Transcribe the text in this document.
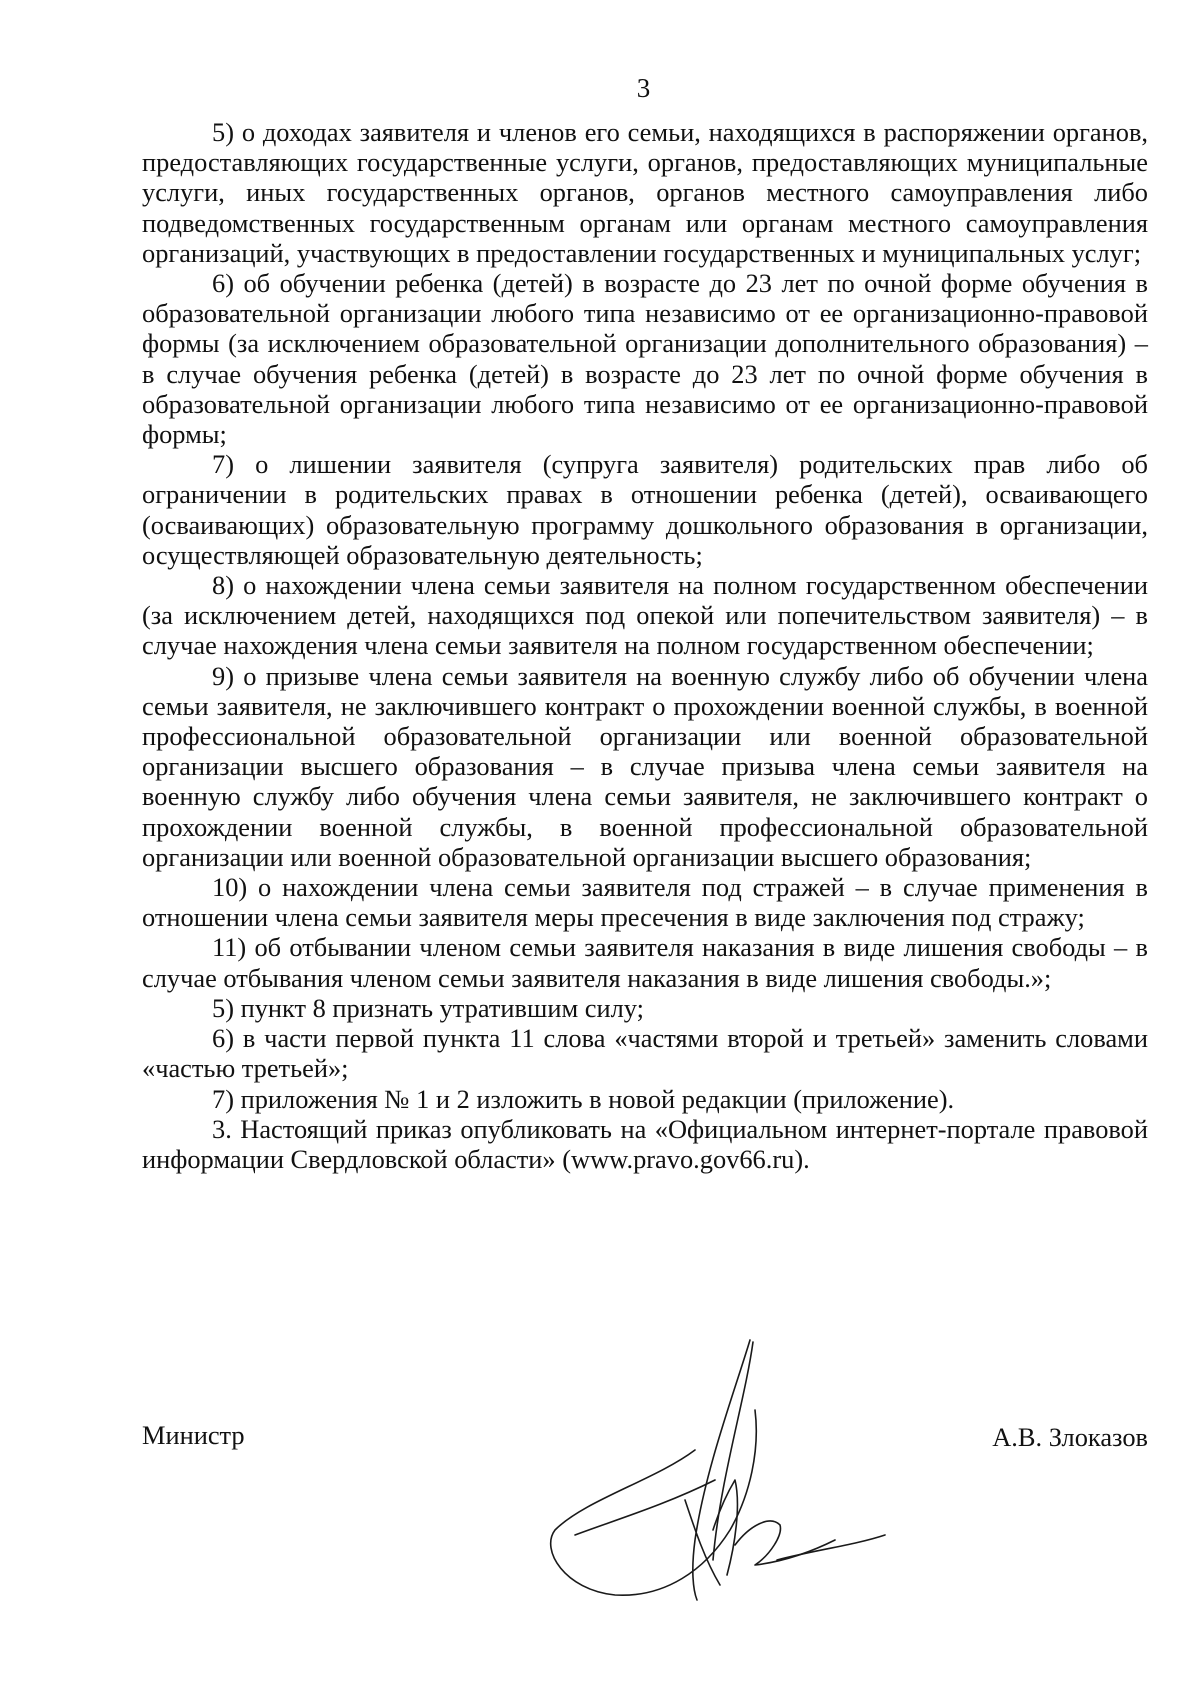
3

5) о доходах заявителя и членов его семьи, находящихся в распоряжении органов, предоставляющих государственные услуги, органов, предоставляющих муниципальные услуги, иных государственных органов, органов местного самоуправления либо подведомственных государственным органам или органам местного самоуправления организаций, участвующих в предоставлении государственных и муниципальных услуг;

6) об обучении ребенка (детей) в возрасте до 23 лет по очной форме обучения в образовательной организации любого типа независимо от ее организационно-правовой формы (за исключением образовательной организации дополнительного образования) – в случае обучения ребенка (детей) в возрасте до 23 лет по очной форме обучения в образовательной организации любого типа независимо от ее организационно-правовой формы;

7) о лишении заявителя (супруга заявителя) родительских прав либо об ограничении в родительских правах в отношении ребенка (детей), осваивающего (осваивающих) образовательную программу дошкольного образования в организации, осуществляющей образовательную деятельность;

8) о нахождении члена семьи заявителя на полном государственном обеспечении (за исключением детей, находящихся под опекой или попечительством заявителя) – в случае нахождения члена семьи заявителя на полном государственном обеспечении;

9) о призыве члена семьи заявителя на военную службу либо об обучении члена семьи заявителя, не заключившего контракт о прохождении военной службы, в военной профессиональной образовательной организации или военной образовательной организации высшего образования – в случае призыва члена семьи заявителя на военную службу либо обучения члена семьи заявителя, не заключившего контракт о прохождении военной службы, в военной профессиональной образовательной организации или военной образовательной организации высшего образования;

10) о нахождении члена семьи заявителя под стражей – в случае применения в отношении члена семьи заявителя меры пресечения в виде заключения под стражу;

11) об отбывании членом семьи заявителя наказания в виде лишения свободы – в случае отбывания членом семьи заявителя наказания в виде лишения свободы.»;

5) пункт 8 признать утратившим силу;

6) в части первой пункта 11 слова «частями второй и третьей» заменить словами «частью третьей»;

7) приложения № 1 и 2 изложить в новой редакции (приложение).

3. Настоящий приказ опубликовать на «Официальном интернет-портале правовой информации Свердловской области» (www.pravo.gov66.ru).

Министр	А.В. Злоказов
